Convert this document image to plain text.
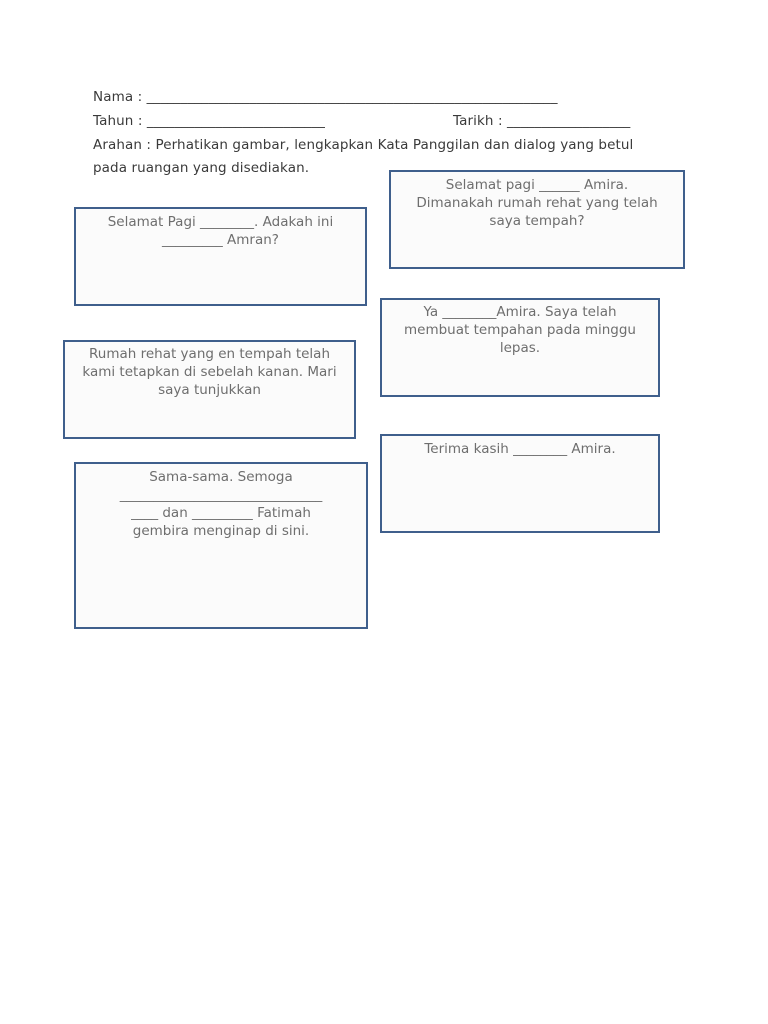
Nama : ____________________________________________________________

Tahun : __________________________	Tarikh : __________________

Arahan : Perhatikan gambar, lengkapkan Kata Panggilan dan dialog yang betul

pada ruangan yang disediakan.

Selamat pagi ______ Amira.

Dimanakah rumah rehat yang telah

saya tempah?

Selamat Pagi ________. Adakah ini

_________ Amran?

Ya ________Amira. Saya telah

membuat tempahan pada minggu

lepas.

Rumah rehat yang en tempah telah

kami tetapkan di sebelah kanan. Mari

saya tunjukkan

Terima kasih ________ Amira.

Sama-sama. Semoga

______________________________

____ dan _________ Fatimah

gembira menginap di sini.
